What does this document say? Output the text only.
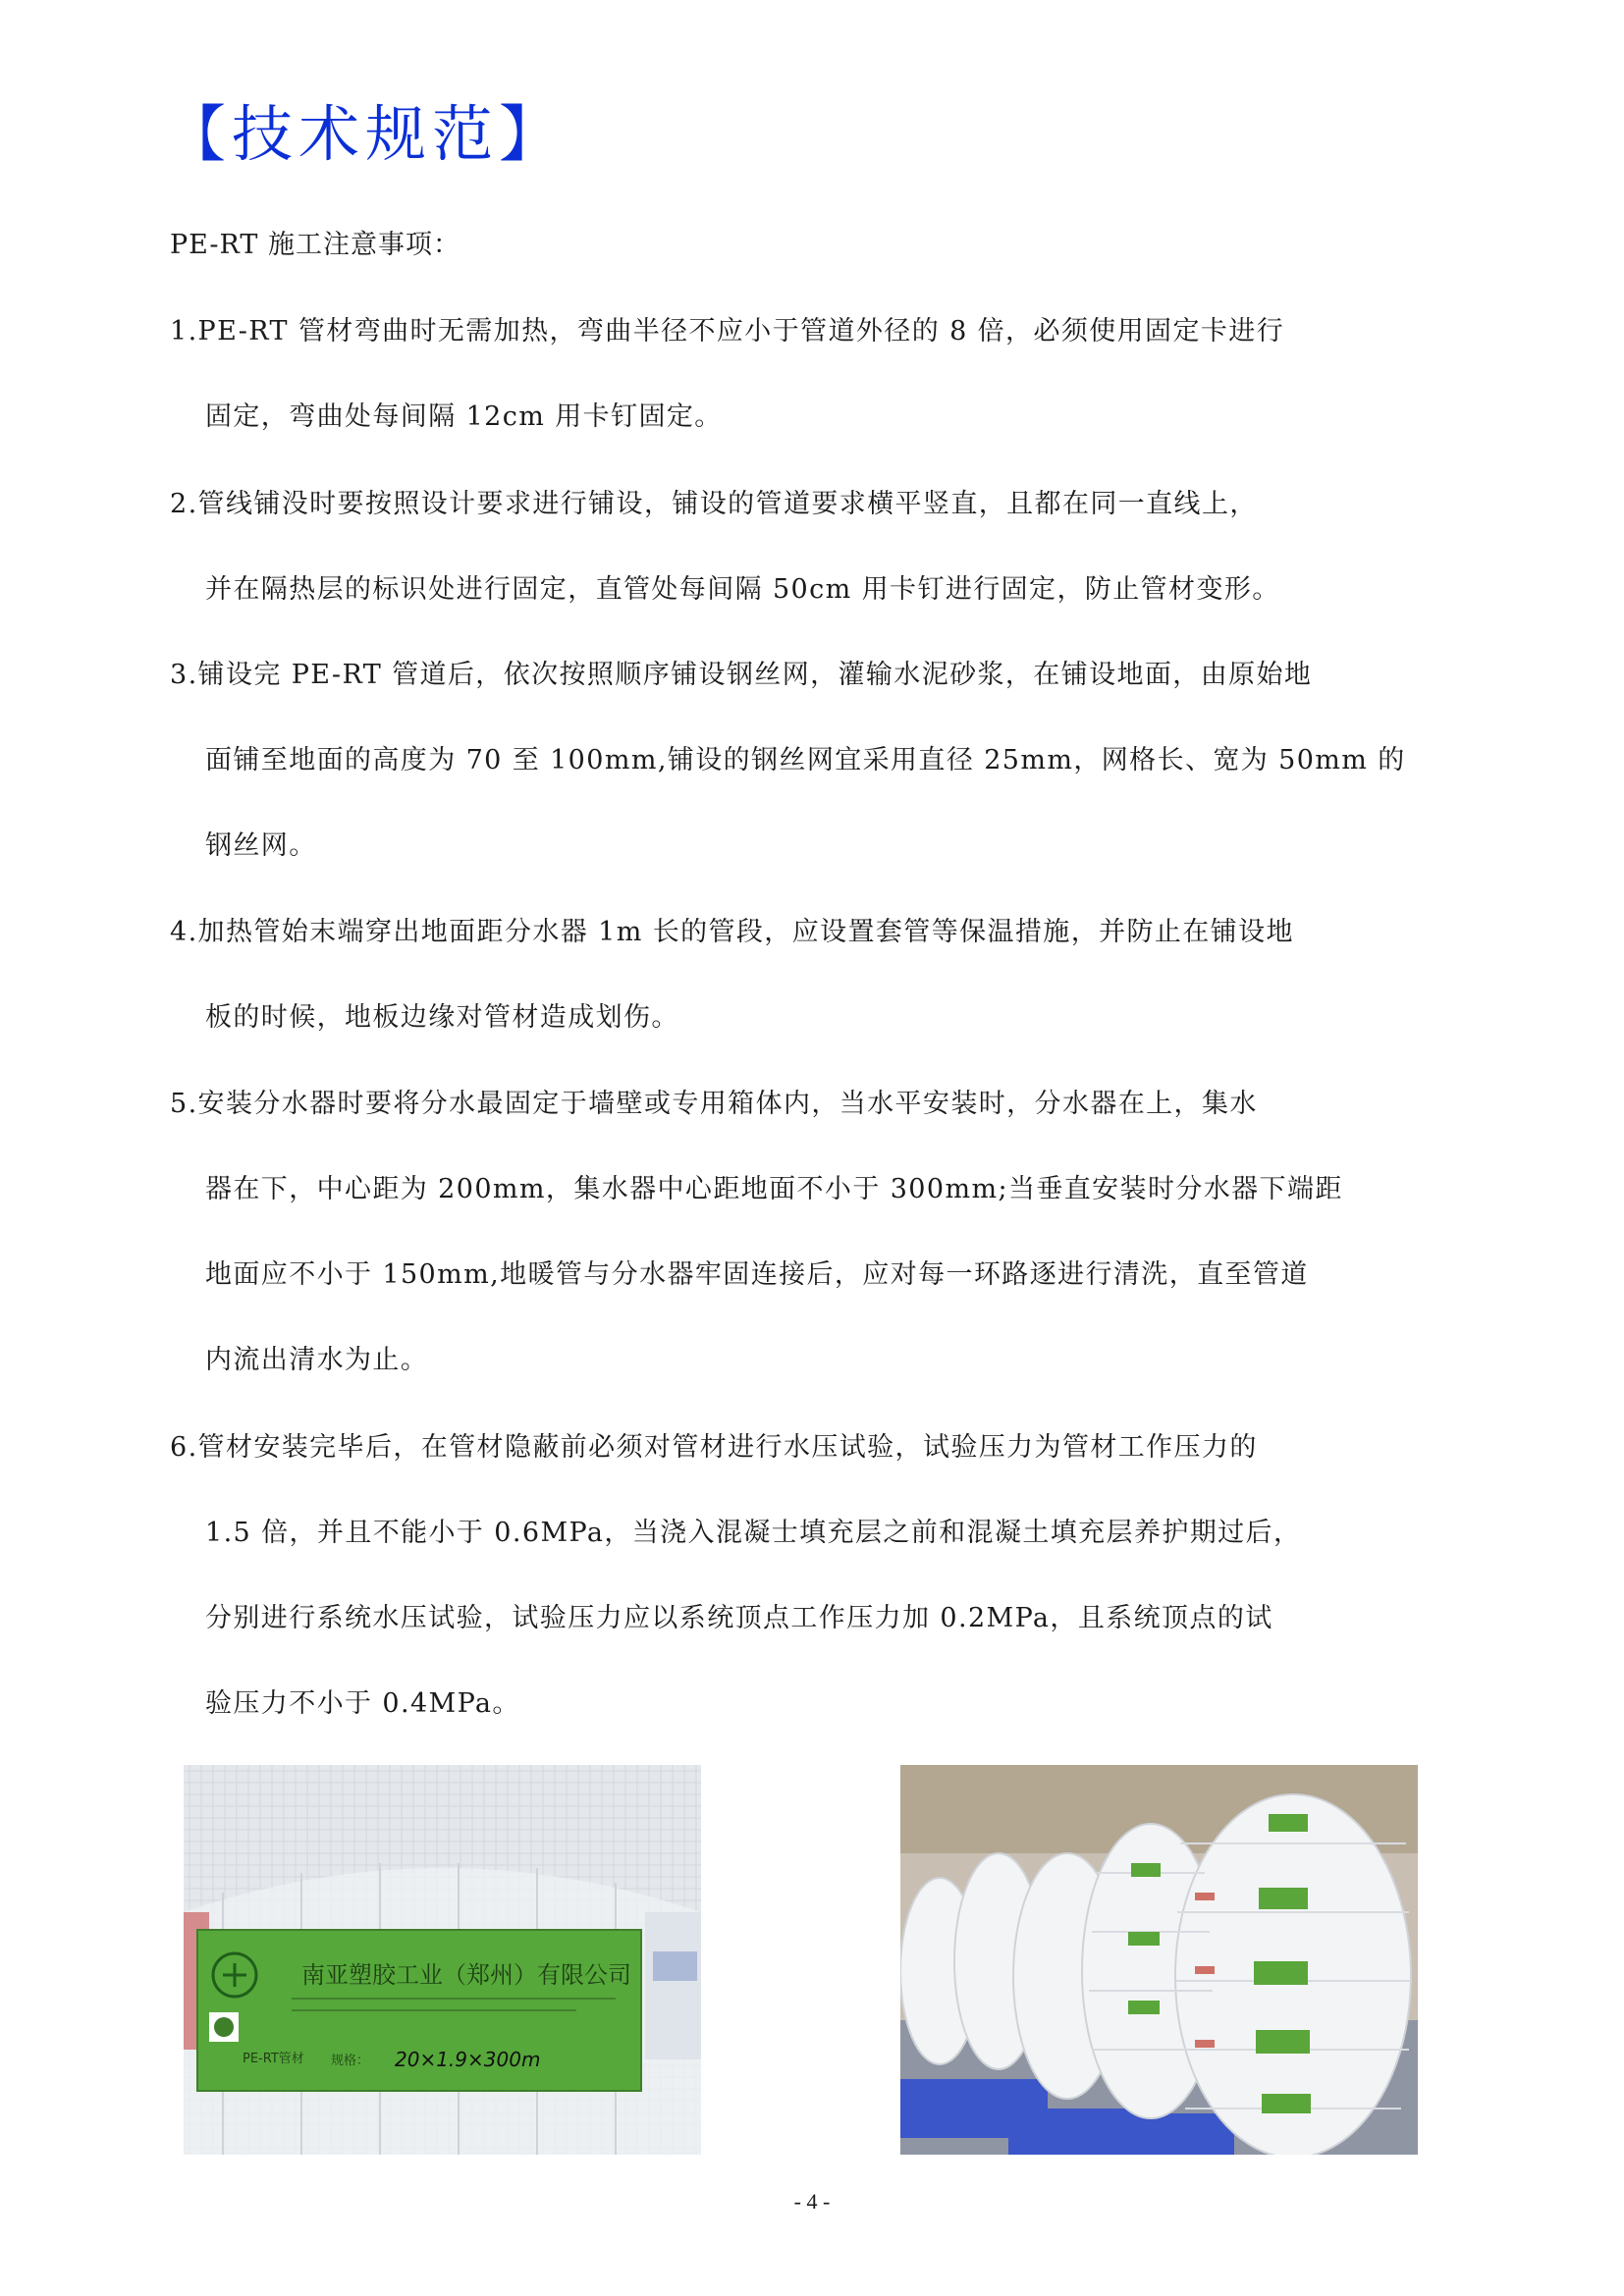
【技术规范】
PE-RT 施工注意事项：
1.PE-RT 管材弯曲时无需加热，弯曲半径不应小于管道外径的 8 倍，必须使用固定卡进行
固定，弯曲处每间隔 12cm 用卡钉固定。
2.管线铺没时要按照设计要求进行铺设，铺设的管道要求横平竖直，且都在同一直线上，
并在隔热层的标识处进行固定，直管处每间隔 50cm 用卡钉进行固定，防止管材变形。
3.铺设完 PE-RT 管道后，依次按照顺序铺设钢丝网，灌输水泥砂浆，在铺设地面，由原始地
面铺至地面的高度为 70 至 100mm,铺设的钢丝网宜采用直径 25mm，网格长、宽为 50mm 的
钢丝网。
4.加热管始末端穿出地面距分水器 1m 长的管段，应设置套管等保温措施，并防止在铺设地
板的时候，地板边缘对管材造成划伤。
5.安装分水器时要将分水最固定于墙壁或专用箱体内，当水平安装时，分水器在上，集水
器在下，中心距为 200mm，集水器中心距地面不小于 300mm;当垂直安装时分水器下端距
地面应不小于 150mm,地暖管与分水器牢固连接后，应对每一环路逐进行清洗，直至管道
内流出清水为止。
6.管材安装完毕后，在管材隐蔽前必须对管材进行水压试验，试验压力为管材工作压力的
1.5 倍，并且不能小于 0.6MPa，当浇入混凝士填充层之前和混凝土填充层养护期过后，
分别进行系统水压试验，试验压力应以系统顶点工作压力加 0.2MPa，且系统顶点的试
验压力不小于 0.4MPa。
南亚塑胶工业（郑州）有限公司
PE-RT管材 规格： 20×1.9×300m
- 4 -
